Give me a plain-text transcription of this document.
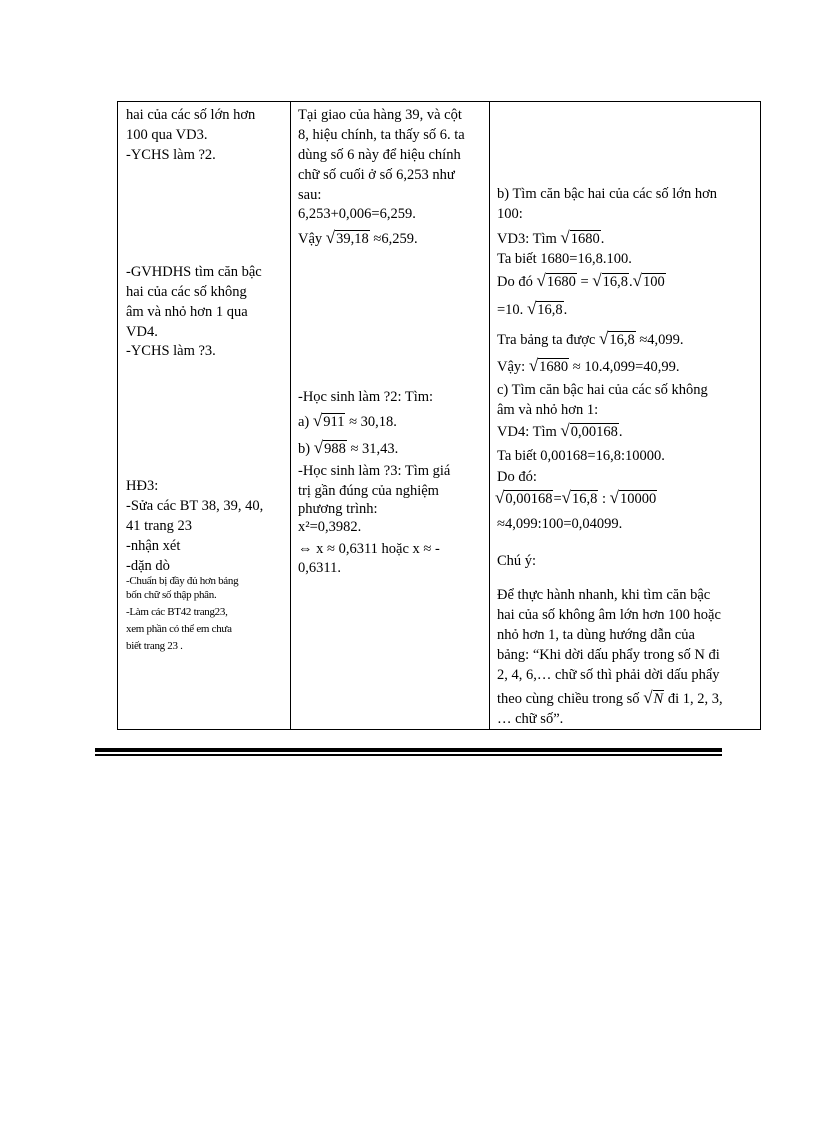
hai của các số lớn hơn
100 qua VD3.
-YCHS làm ?2.
-GVHDHS tìm căn bậc
hai của các số không
âm và nhỏ hơn 1 qua
VD4.
-YCHS làm ?3.
HĐ3:
-Sửa các BT 38, 39, 40,
41 trang 23
-nhận xét
-dặn dò
-Chuẩn bị đầy đủ hơn bảng
bốn chữ số thập phân.
-Làm các BT42 trang23,
xem phần có thể em chưa
biết trang 23 .
Tại giao của hàng 39, và cột
8, hiệu chính, ta thấy số 6. ta
dùng số 6 này để hiệu chính
chữ số cuối ở số 6,253 như
sau:
6,253+0,006=6,259.
Vậy √39,18 ≈6,259.
-Học sinh làm ?2: Tìm:
a) √911 ≈ 30,18.
b) √988 ≈ 31,43.
-Học sinh làm ?3: Tìm giá
trị gần đúng của nghiệm
phương trình:
x²=0,3982.
⇔ x ≈ 0,6311 hoặc x ≈ -
0,6311.
b) Tìm căn bậc hai của các số lớn hơn
100:
VD3: Tìm √1680.
Ta biết 1680=16,8.100.
Do đó √1680 = √16,8.√100
=10. √16,8.
Tra bảng ta được √16,8 ≈4,099.
Vậy: √1680 ≈ 10.4,099=40,99.
c) Tìm căn bậc hai của các số không
âm và nhỏ hơn 1:
VD4: Tìm √0,00168.
Ta biết 0,00168=16,8:10000.
Do đó:
√0,00168=√16,8 : √10000
≈4,099:100=0,04099.
Chú ý:
Để thực hành nhanh, khi tìm căn bậc
hai của số không âm lớn hơn 100 hoặc
nhỏ hơn 1, ta dùng hướng dẫn của
bảng: “Khi dời dấu phẩy trong số N đi
2, 4, 6,… chữ số thì phải dời dấu phẩy
theo cùng chiều trong số √N đi 1, 2, 3,
… chữ số”.
